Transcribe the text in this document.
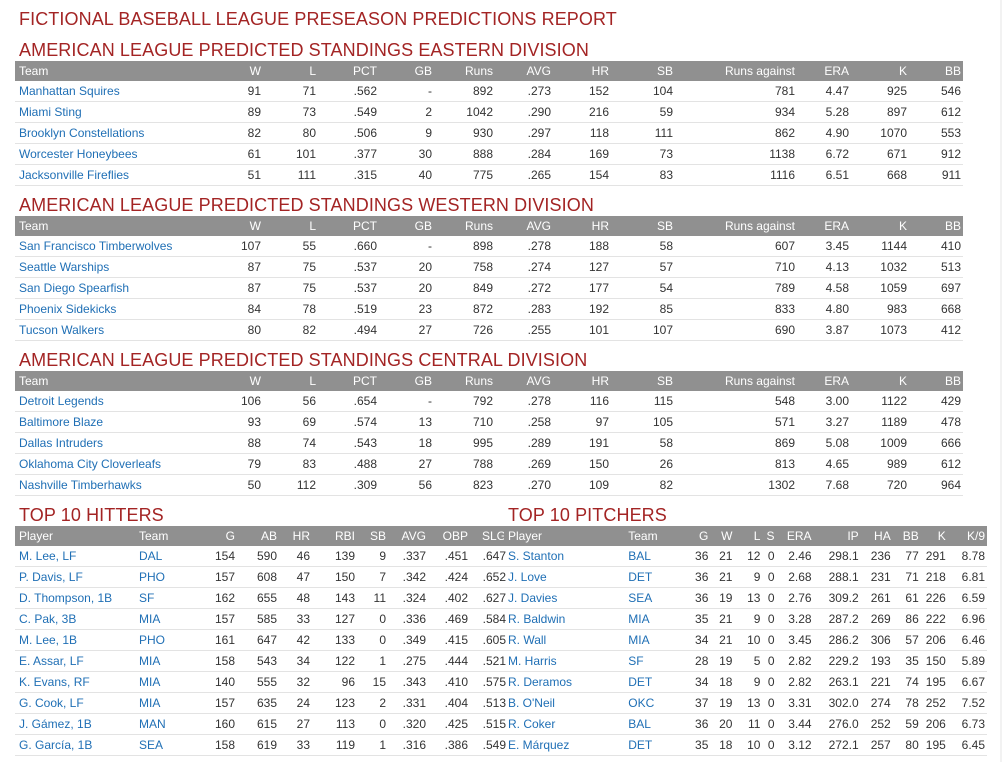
FICTIONAL BASEBALL LEAGUE PRESEASON PREDICTIONS REPORT
AMERICAN LEAGUE PREDICTED STANDINGS EASTERN DIVISION
Team	W	L	PCT	GB	Runs	AVG	HR	SB	Runs against	ERA	K	BB
Manhattan Squires	91	71	.562	-	892	.273	152	104	781	4.47	925	546
Miami Sting	89	73	.549	2	1042	.290	216	59	934	5.28	897	612
Brooklyn Constellations	82	80	.506	9	930	.297	118	111	862	4.90	1070	553
Worcester Honeybees	61	101	.377	30	888	.284	169	73	1138	6.72	671	912
Jacksonville Fireflies	51	111	.315	40	775	.265	154	83	1116	6.51	668	911
AMERICAN LEAGUE PREDICTED STANDINGS WESTERN DIVISION
Team	W	L	PCT	GB	Runs	AVG	HR	SB	Runs against	ERA	K	BB
San Francisco Timberwolves	107	55	.660	-	898	.278	188	58	607	3.45	1144	410
Seattle Warships	87	75	.537	20	758	.274	127	57	710	4.13	1032	513
San Diego Spearfish	87	75	.537	20	849	.272	177	54	789	4.58	1059	697
Phoenix Sidekicks	84	78	.519	23	872	.283	192	85	833	4.80	983	668
Tucson Walkers	80	82	.494	27	726	.255	101	107	690	3.87	1073	412
AMERICAN LEAGUE PREDICTED STANDINGS CENTRAL DIVISION
Team	W	L	PCT	GB	Runs	AVG	HR	SB	Runs against	ERA	K	BB
Detroit Legends	106	56	.654	-	792	.278	116	115	548	3.00	1122	429
Baltimore Blaze	93	69	.574	13	710	.258	97	105	571	3.27	1189	478
Dallas Intruders	88	74	.543	18	995	.289	191	58	869	5.08	1009	666
Oklahoma City Cloverleafs	79	83	.488	27	788	.269	150	26	813	4.65	989	612
Nashville Timberhawks	50	112	.309	56	823	.270	109	82	1302	7.68	720	964
TOP 10 HITTERS
Player	Team	G	AB	HR	RBI	SB	AVG	OBP	SLG
M. Lee, LF	DAL	154	590	46	139	9	.337	.451	.647
P. Davis, LF	PHO	157	608	47	150	7	.342	.424	.652
D. Thompson, 1B	SF	162	655	48	143	11	.324	.402	.627
C. Pak, 3B	MIA	157	585	33	127	0	.336	.469	.584
M. Lee, 1B	PHO	161	647	42	133	0	.349	.415	.605
E. Assar, LF	MIA	158	543	34	122	1	.275	.444	.521
K. Evans, RF	MIA	140	555	32	96	15	.343	.410	.575
G. Cook, LF	MIA	157	635	24	123	2	.331	.404	.513
J. Gámez, 1B	MAN	160	615	27	113	0	.320	.425	.515
G. García, 1B	SEA	158	619	33	119	1	.316	.386	.549
TOP 10 PITCHERS
Player	Team	G	W	L	S	ERA	IP	HA	BB	K	K/9
S. Stanton	BAL	36	21	12	0	2.46	298.1	236	77	291	8.78
J. Love	DET	36	21	9	0	2.68	288.1	231	71	218	6.81
J. Davies	SEA	36	19	13	0	2.76	309.2	261	61	226	6.59
R. Baldwin	MIA	35	21	9	0	3.28	287.2	269	86	222	6.96
R. Wall	MIA	34	21	10	0	3.45	286.2	306	57	206	6.46
M. Harris	SF	28	19	5	0	2.82	229.2	193	35	150	5.89
R. Deramos	DET	34	18	9	0	2.82	263.1	221	74	195	6.67
B. O'Neil	OKC	37	19	13	0	3.31	302.0	274	78	252	7.52
R. Coker	BAL	36	20	11	0	3.44	276.0	252	59	206	6.73
E. Márquez	DET	35	18	10	0	3.12	272.1	257	80	195	6.45
